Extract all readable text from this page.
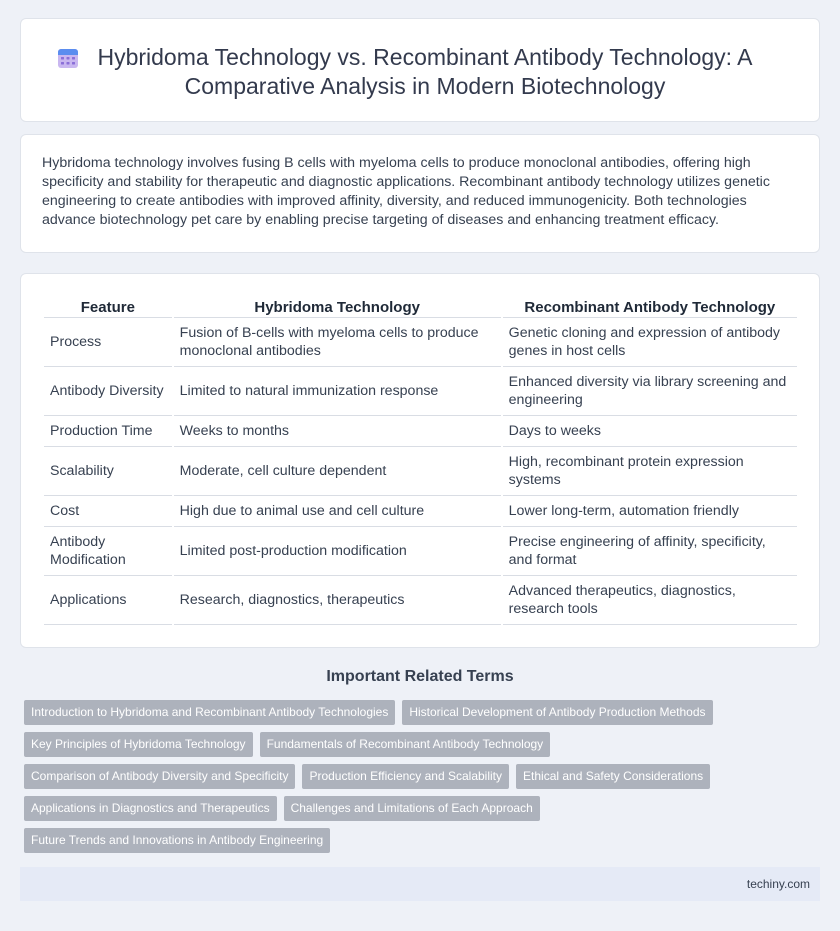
Hybridoma Technology vs. Recombinant Antibody Technology: A Comparative Analysis in Modern Biotechnology

Hybridoma technology involves fusing B cells with myeloma cells to produce monoclonal antibodies, offering high specificity and stability for therapeutic and diagnostic applications. Recombinant antibody technology utilizes genetic engineering to create antibodies with improved affinity, diversity, and reduced immunogenicity. Both technologies advance biotechnology pet care by enabling precise targeting of diseases and enhancing treatment efficacy.

Feature	Hybridoma Technology	Recombinant Antibody Technology
Process	Fusion of B-cells with myeloma cells to produce monoclonal antibodies	Genetic cloning and expression of antibody genes in host cells
Antibody Diversity	Limited to natural immunization response	Enhanced diversity via library screening and engineering
Production Time	Weeks to months	Days to weeks
Scalability	Moderate, cell culture dependent	High, recombinant protein expression systems
Cost	High due to animal use and cell culture	Lower long-term, automation friendly
Antibody Modification	Limited post-production modification	Precise engineering of affinity, specificity, and format
Applications	Research, diagnostics, therapeutics	Advanced therapeutics, diagnostics, research tools
Important Related Terms
Introduction to Hybridoma and Recombinant Antibody Technologies	Historical Development of Antibody Production Methods
Key Principles of Hybridoma Technology	Fundamentals of Recombinant Antibody Technology
Comparison of Antibody Diversity and Specificity	Production Efficiency and Scalability	Ethical and Safety Considerations
Applications in Diagnostics and Therapeutics	Challenges and Limitations of Each Approach
Future Trends and Innovations in Antibody Engineering
techiny.com
